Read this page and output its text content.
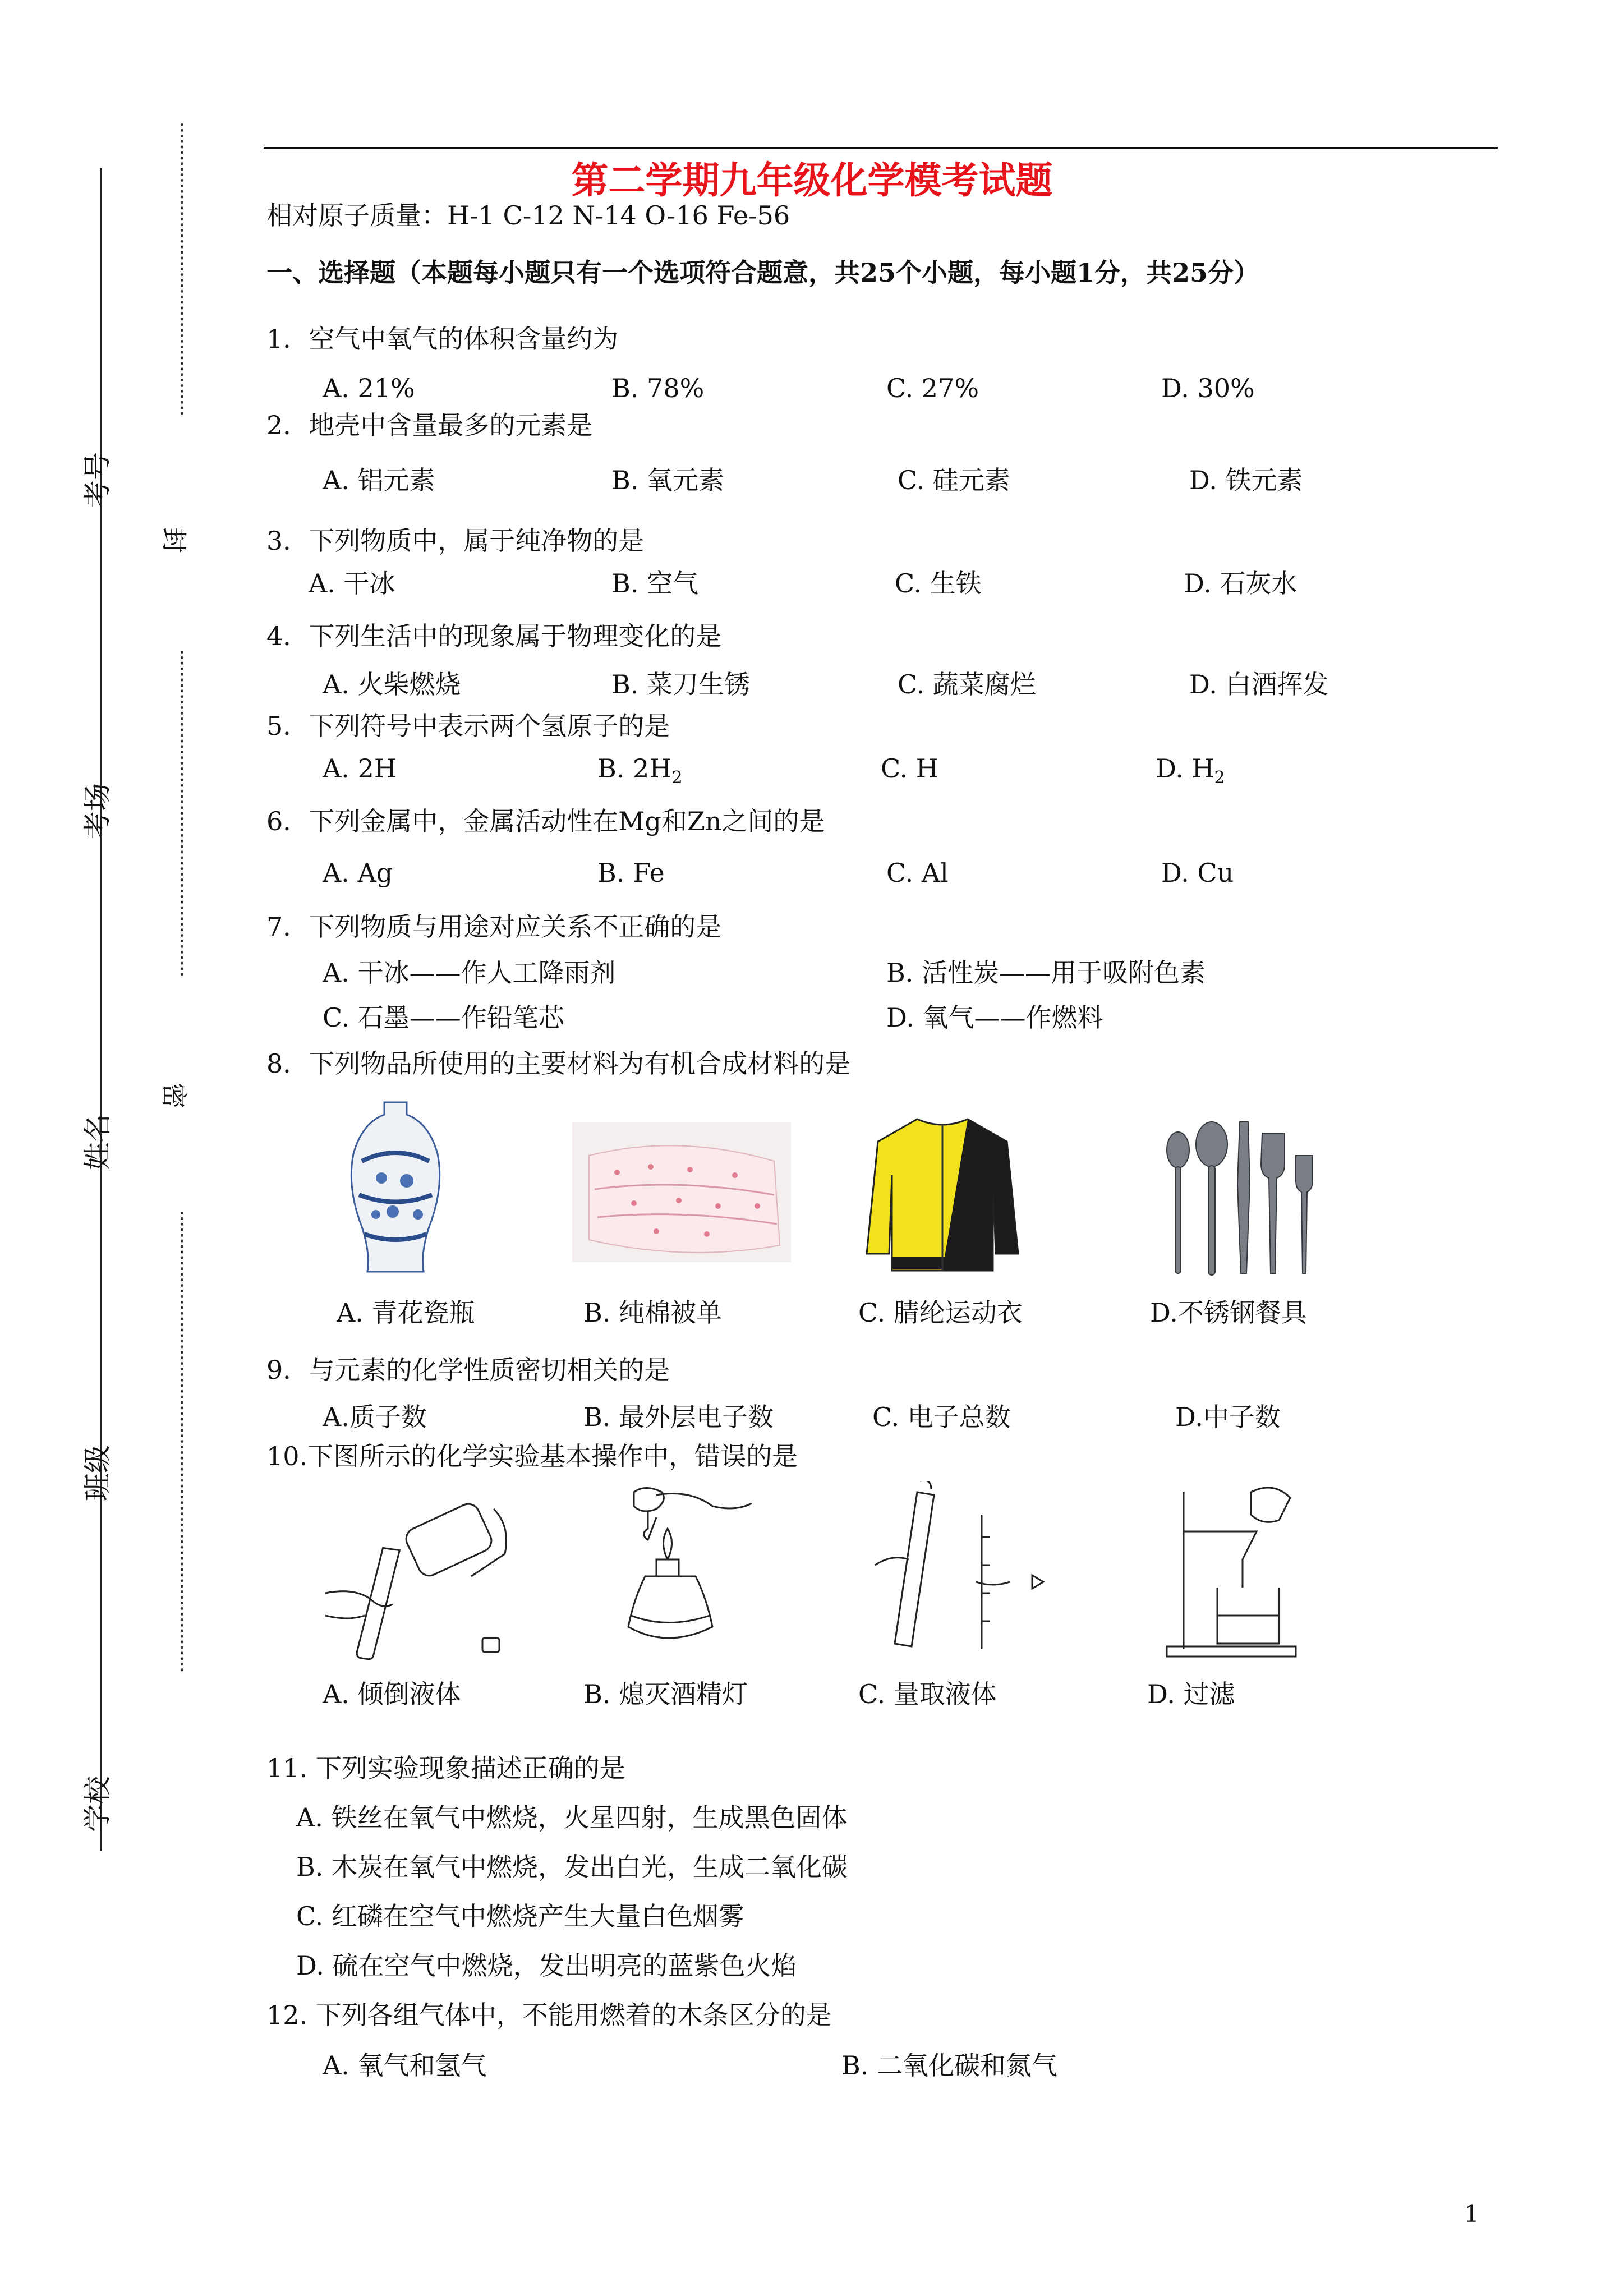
考号
考场
姓名
班级
学校
封
密
第二学期九年级化学模考试题
相对原子质量：H-1 C-12 N-14 O-16 Fe-56
一、选择题（本题每小题只有一个选项符合题意，共25个小题，每小题1分，共25分）
1．空气中氧气的体积含量约为
A. 21%	B. 78%	C. 27%	D. 30%
2．地壳中含量最多的元素是
A. 铝元素	B. 氧元素	C. 硅元素	D. 铁元素
3．下列物质中，属于纯净物的是
A. 干冰	B. 空气	C. 生铁	D. 石灰水
4．下列生活中的现象属于物理变化的是
A. 火柴燃烧	B. 菜刀生锈	C. 蔬菜腐烂	D. 白酒挥发
5．下列符号中表示两个氢原子的是
A. 2H	B. $2H_2$	C. H	D. $H_2$
6．下列金属中，金属活动性在Mg和Zn之间的是
A. Ag	B. Fe	C. Al	D. Cu
7．下列物质与用途对应关系不正确的是
A. 干冰——作人工降雨剂	B. 活性炭——用于吸附色素
C. 石墨——作铅笔芯	D. 氧气——作燃料
8．下列物品所使用的主要材料为有机合成材料的是
A. 青花瓷瓶	B. 纯棉被单	C. 腈纶运动衣	D.不锈钢餐具
9．与元素的化学性质密切相关的是
A.质子数	B. 最外层电子数	C. 电子总数	D.中子数
10.下图所示的化学实验基本操作中，错误的是
A. 倾倒液体	B. 熄灭酒精灯	C. 量取液体	D. 过滤
11. 下列实验现象描述正确的是
A. 铁丝在氧气中燃烧，火星四射，生成黑色固体
B. 木炭在氧气中燃烧，发出白光，生成二氧化碳
C. 红磷在空气中燃烧产生大量白色烟雾
D. 硫在空气中燃烧，发出明亮的蓝紫色火焰
12. 下列各组气体中，不能用燃着的木条区分的是
A. 氧气和氢气	B. 二氧化碳和氮气
1
